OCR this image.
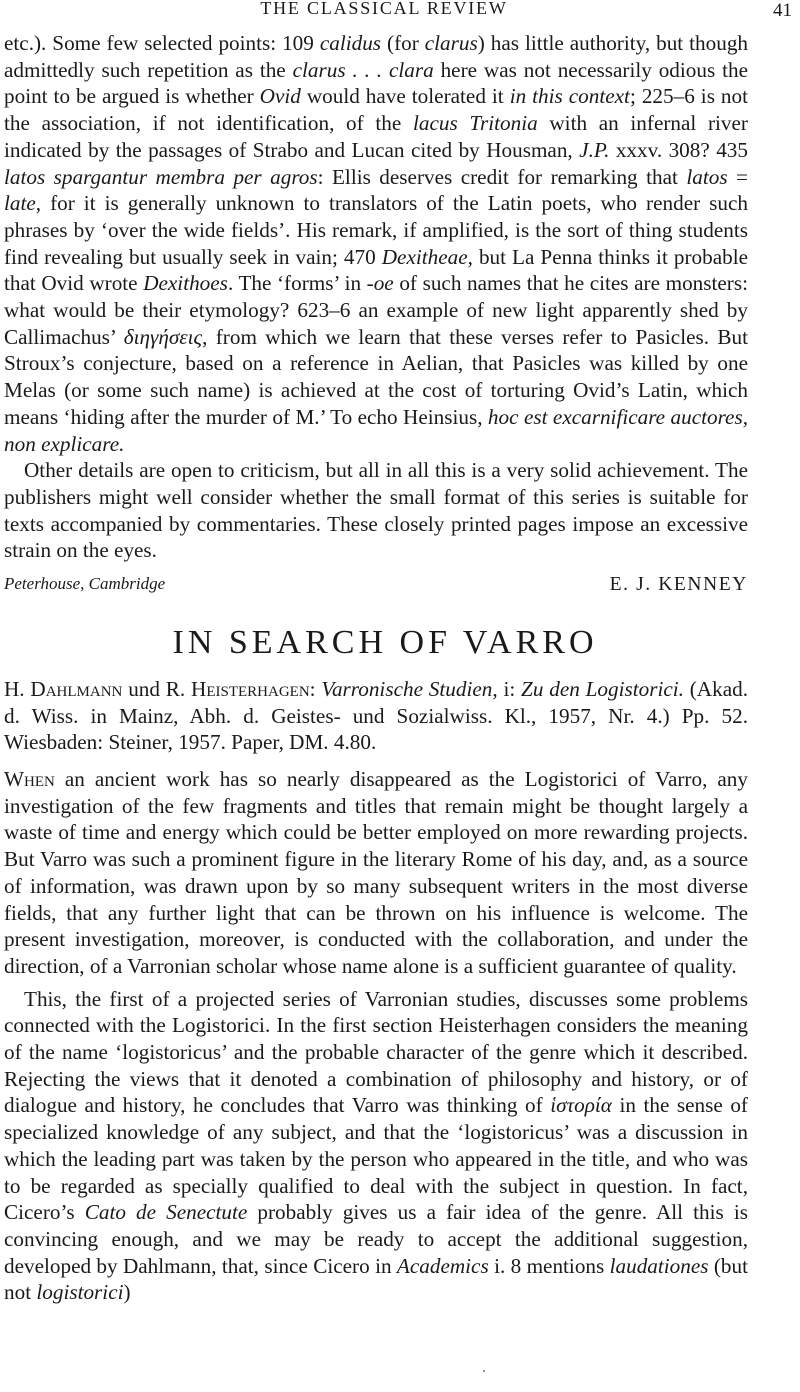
THE CLASSICAL REVIEW	41

etc.). Some few selected points: 109 calidus (for clarus) has little authority, but though admittedly such repetition as the clarus . . . clara here was not necessarily odious the point to be argued is whether Ovid would have tolerated it in this context; 225–6 is not the association, if not identification, of the lacus Tritonia with an infernal river indicated by the passages of Strabo and Lucan cited by Housman, J.P. xxxv. 308? 435 latos spargantur membra per agros: Ellis deserves credit for remarking that latos = late, for it is generally unknown to translators of the Latin poets, who render such phrases by ‘over the wide fields’. His remark, if amplified, is the sort of thing students find revealing but usually seek in vain; 470 Dexitheae, but La Penna thinks it probable that Ovid wrote Dexithoes. The ‘forms’ in -oe of such names that he cites are monsters: what would be their etymology? 623–6 an example of new light apparently shed by Callimachus’ διηγήσεις, from which we learn that these verses refer to Pasicles. But Stroux’s conjecture, based on a reference in Aelian, that Pasicles was killed by one Melas (or some such name) is achieved at the cost of torturing Ovid’s Latin, which means ‘hiding after the murder of M.’ To echo Heinsius, hoc est excarnificare auctores, non explicare.

Other details are open to criticism, but all in all this is a very solid achievement. The publishers might well consider whether the small format of this series is suitable for texts accompanied by commentaries. These closely printed pages impose an excessive strain on the eyes.

Peterhouse, Cambridge	E. J. KENNEY
IN SEARCH OF VARRO

H. Dahlmann und R. Heisterhagen: Varronische Studien, i: Zu den Logistorici. (Akad. d. Wiss. in Mainz, Abh. d. Geistes- und Sozialwiss. Kl., 1957, Nr. 4.) Pp. 52. Wiesbaden: Steiner, 1957. Paper, DM. 4.80.

When an ancient work has so nearly disappeared as the Logistorici of Varro, any investigation of the few fragments and titles that remain might be thought largely a waste of time and energy which could be better employed on more rewarding projects. But Varro was such a prominent figure in the literary Rome of his day, and, as a source of information, was drawn upon by so many subsequent writers in the most diverse fields, that any further light that can be thrown on his influence is welcome. The present investigation, moreover, is conducted with the collaboration, and under the direction, of a Varronian scholar whose name alone is a sufficient guarantee of quality.

This, the first of a projected series of Varronian studies, discusses some problems connected with the Logistorici. In the first section Heisterhagen considers the meaning of the name ‘logistoricus’ and the probable character of the genre which it described. Rejecting the views that it denoted a combination of philosophy and history, or of dialogue and history, he concludes that Varro was thinking of ἱστορία in the sense of specialized knowledge of any subject, and that the ‘logistoricus’ was a discussion in which the leading part was taken by the person who appeared in the title, and who was to be regarded as specially qualified to deal with the subject in question. In fact, Cicero’s Cato de Senectute probably gives us a fair idea of the genre. All this is convincing enough, and we may be ready to accept the additional suggestion, developed by Dahlmann, that, since Cicero in Academics i. 8 mentions laudationes (but not logistorici)
